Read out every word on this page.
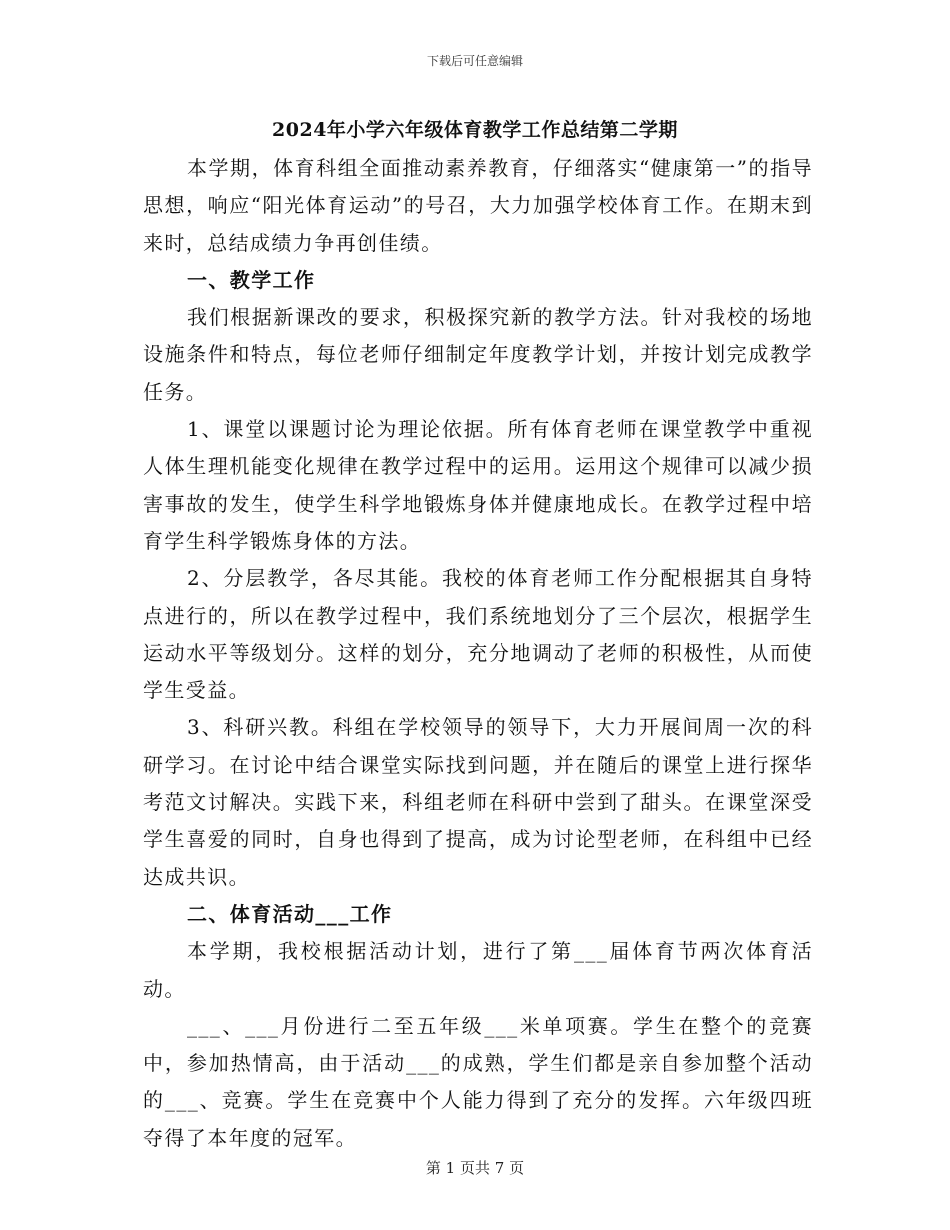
下载后可任意编辑
2024年小学六年级体育教学工作总结第二学期

本学期，体育科组全面推动素养教育，仔细落实“健康第一”的指导思想，响应“阳光体育运动”的号召，大力加强学校体育工作。在期末到来时，总结成绩力争再创佳绩。

一、教学工作

我们根据新课改的要求，积极探究新的教学方法。针对我校的场地设施条件和特点，每位老师仔细制定年度教学计划，并按计划完成教学任务。

1、课堂以课题讨论为理论依据。所有体育老师在课堂教学中重视人体生理机能变化规律在教学过程中的运用。运用这个规律可以减少损害事故的发生，使学生科学地锻炼身体并健康地成长。在教学过程中培育学生科学锻炼身体的方法。

2、分层教学，各尽其能。我校的体育老师工作分配根据其自身特点进行的，所以在教学过程中，我们系统地划分了三个层次，根据学生运动水平等级划分。这样的划分，充分地调动了老师的积极性，从而使学生受益。

3、科研兴教。科组在学校领导的领导下，大力开展间周一次的科研学习。在讨论中结合课堂实际找到问题，并在随后的课堂上进行探华考范文讨解决。实践下来，科组老师在科研中尝到了甜头。在课堂深受学生喜爱的同时，自身也得到了提高，成为讨论型老师，在科组中已经达成共识。

二、体育活动___工作

本学期，我校根据活动计划，进行了第___届体育节两次体育活动。

___、___月份进行二至五年级___米单项赛。学生在整个的竞赛中，参加热情高，由于活动___的成熟，学生们都是亲自参加整个活动的___、竞赛。学生在竞赛中个人能力得到了充分的发挥。六年级四班夺得了本年度的冠军。

第 1 页共 7 页
